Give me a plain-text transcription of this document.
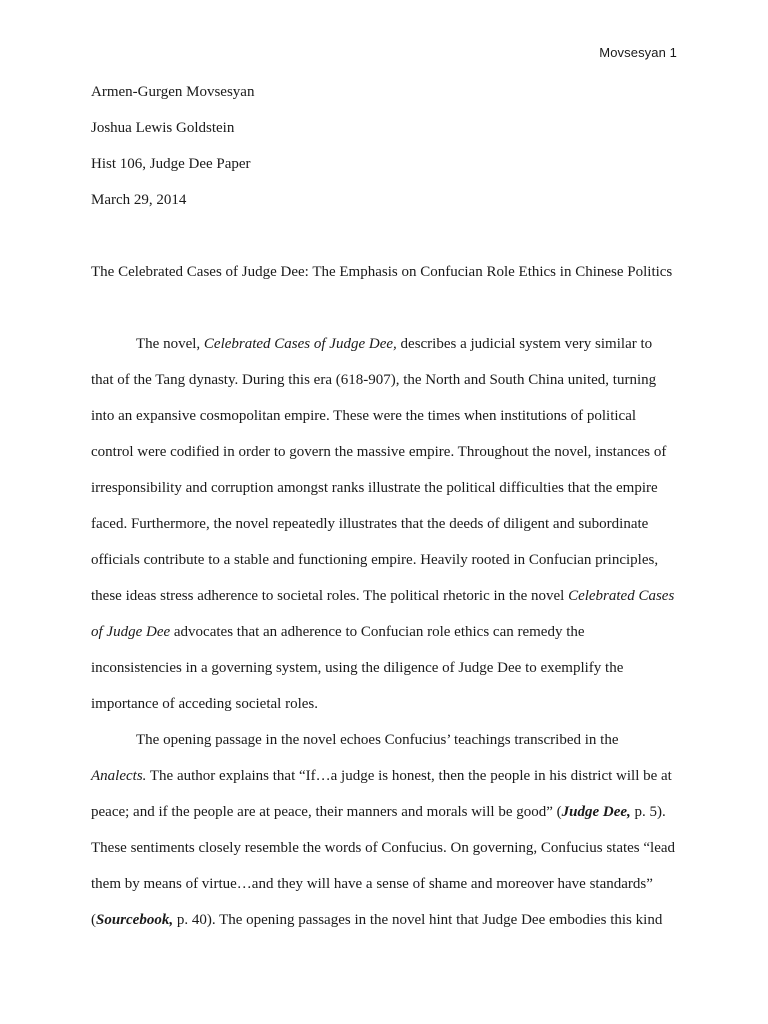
Movsesyan 1
Armen-Gurgen Movsesyan
Joshua Lewis Goldstein
Hist 106, Judge Dee Paper
March 29, 2014
The Celebrated Cases of Judge Dee: The Emphasis on Confucian Role Ethics in Chinese Politics
The novel, Celebrated Cases of Judge Dee, describes a judicial system very similar to
that of the Tang dynasty. During this era (618-907), the North and South China united, turning
into an expansive cosmopolitan empire. These were the times when institutions of political
control were codified in order to govern the massive empire. Throughout the novel, instances of
irresponsibility and corruption amongst ranks illustrate the political difficulties that the empire
faced. Furthermore, the novel repeatedly illustrates that the deeds of diligent and subordinate
officials contribute to a stable and functioning empire. Heavily rooted in Confucian principles,
these ideas stress adherence to societal roles. The political rhetoric in the novel Celebrated Cases
of Judge Dee advocates that an adherence to Confucian role ethics can remedy the
inconsistencies in a governing system, using the diligence of Judge Dee to exemplify the
importance of acceding societal roles.
The opening passage in the novel echoes Confucius’ teachings transcribed in the
Analects. The author explains that “If…a judge is honest, then the people in his district will be at
peace; and if the people are at peace, their manners and morals will be good” (Judge Dee, p. 5).
These sentiments closely resemble the words of Confucius. On governing, Confucius states “lead
them by means of virtue…and they will have a sense of shame and moreover have standards”
(Sourcebook, p. 40). The opening passages in the novel hint that Judge Dee embodies this kind
